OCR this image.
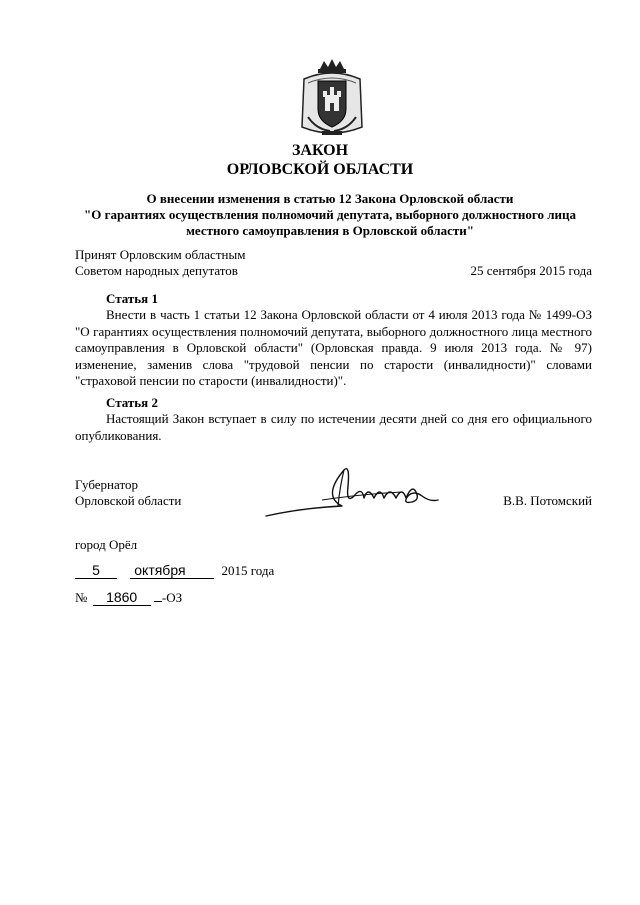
ЗАКОН
ОРЛОВСКОЙ ОБЛАСТИ
О внесении изменения в статью 12 Закона Орловской области
"О гарантиях осуществления полномочий депутата, выборного должностного лица
местного самоуправления в Орловской области"
Принят Орловским областным
Советом народных депутатов	25 сентября 2015 года
Статья 1
Внести в часть 1 статьи 12 Закона Орловской области от 4 июля 2013 года № 1499-ОЗ "О гарантиях осуществления полномочий депутата, выборного должностного лица местного самоуправления в Орловской области" (Орловская правда. 9 июля 2013 года. № 97) изменение, заменив слова "трудовой пенсии по старости (инвалидности)" словами "страховой пенсии по старости (инвалидности)".
Статья 2
Настоящий Закон вступает в силу по истечении десяти дней со дня его официального опубликования.
Губернатор
Орловской области	В.В. Потомский
город Орёл
5 октября	2015 года
№ 1860 -ОЗ
